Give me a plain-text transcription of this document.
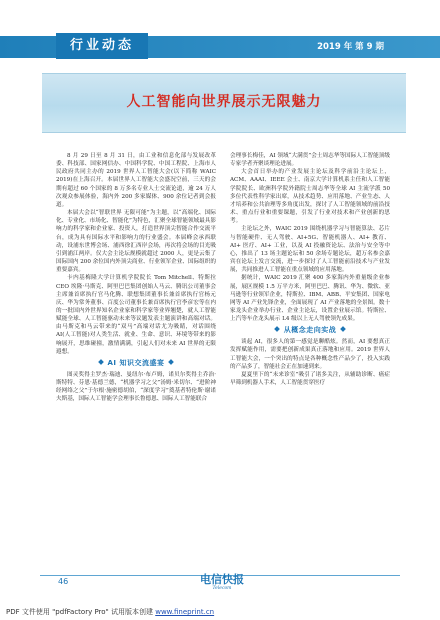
行业动态	2019 年 第 9 期
人工智能向世界展示无限魅力

8 月 29 日至 8 月 31 日，由工业和信息化部与发展改革委、科技部、国家网信办、中国科学院、中国工程院、上海市人民政府共同主办的 2019 世界人工智能大会(以下简称 WAIC 2019)在上海召开。本届世界人工智能大会盛况空前，三天的会期有超过 60 个国家的 8 万多名专业人士交流论道，逾 24 万人次观众参展体验，海内外 200 多家媒体、900 余位记者到会报道。

本届大会以“智联世界 无限可能”为主题，以“高端化、国际化、专业化、市场化、智能化”为特色，汇聚全球智能领域最具影响力的科学家和企业家、投资人，打造世界顶尖智能合作交流平台，成为具有国际水平和影响力的行业盛会。本届峰会承西联动，设浦东世博会场、浦西徐汇西岸会场，再次将会场的目光吸引到浦江两岸。仅大会主论坛规模就超过 2000 人，更是云集了国际国内 200 余位国内外顶尖商业、行业领军企业、国际组织的重要嘉宾。

卡内基梅隆大学计算机学院院长 Tom Mitchell、特斯拉 CEO 埃隆·马斯克、阿里巴巴集团创始人马云、腾讯公司董事会主席兼首席执行官马化腾、联想集团董事长兼首席执行官杨元庆、华为常务董事、百度公司董事长兼首席执行官李彦宏等在内的一批国内外世界知名企业家和科学家等业界翘楚，就人工智能赋能全球、人工智能驱动未来等议题发表主题演讲和高端对话。由马斯克和马云带来的“双马”高端对话尤为吸睛，对话围绕 AI(人工智能)对人类生活、就业、生命、意识、环境等带来的影响展开，思维碰撞，激情满满，引起人们对未来 AI 世界的无限遐想。

AI 知识交流盛宴

图灵奖得主罗杰·瑞迪、曼纽尔·布卢姆，诺贝尔奖得主乔治·斯特特、芬恩·基德兰德，“机器学习之父”汤姆·米切尔、“进阶神经网络之父”于尔根·施密德胡伯，“深度学习”奠基者特伦斯·谢诺夫斯基，国际人工智能学会理事长鲁德恩、国际人工智能联合

会理事长梅佳，AI 领域“大满贯”会士周志华等国际人工智能顶级专家学者齐聚谈理论进展。

大会首日举办的产业发展主论坛及科学前沿主论坛上，ACM、AAAI、IEEE 会士、南京大学计算机系主任和人工智能学院院长、欧洲科学院外籍院士周志华等全球 AI 主流学派 50 多位代表性科学家出席，从技术趋势、应用落地、产业生态、人才培养和公共治理等多角度出发，探讨了人工智能领域的前沿技术、重点行业和重要课题，引发了行业对技术和产业创新的思考。

主论坛之外，WAIC 2019 围绕机器学习与智能算法、芯片与智能硬件、无人驾驶、AI+5G、智能机器人、AI+ 教育、AI+ 医疗、AI+ 工业，以及 AI 投融资论坛、法治与安全等中心，推出了 13 场主题论坛和 50 余场专题论坛，超万名参会嘉宾在论坛上发言交流，进一步探讨了人工智能前沿技术与产业发展，共同推进人工智能在重点领域的应用落地。

据统计，WAIC 2019 汇聚 400 多家海内外重量级企业参展，展区规模 1.5 万平方米，阿里巴巴、腾讯、华为、微软、亚马逊等行业领军企业，特斯拉、IBM、ABB、平安集团、国家电网等 AI 产业先锋企业，全面展现了 AI 产业落地的全景图。数十家龙头企业举办行业、企业主论坛，设置企业展示馆。特斯拉、上汽等车企龙头展示 L4 级以上无人驾驶领先成果。

从概念走向实战

谈起 AI，很多人的第一感觉是聊酷炫。然而，AI 要想真正发挥赋能作用，需要把创新成果真正落地和应用。2019 世界人工智能大会，一个突出的特点是各种概念性产品少了，投入实践的产品多了，智能社会正在加速到来。

夏夏里下的“未来诊室”吸引了诸多关注，从辅助诊断、癌症早筛到机器人手术，人工智能贯穿医疗

46	电信快报
Telecom
PDF 文件使用 "pdfFactory Pro" 试用版本创建 www.fineprint.cn
